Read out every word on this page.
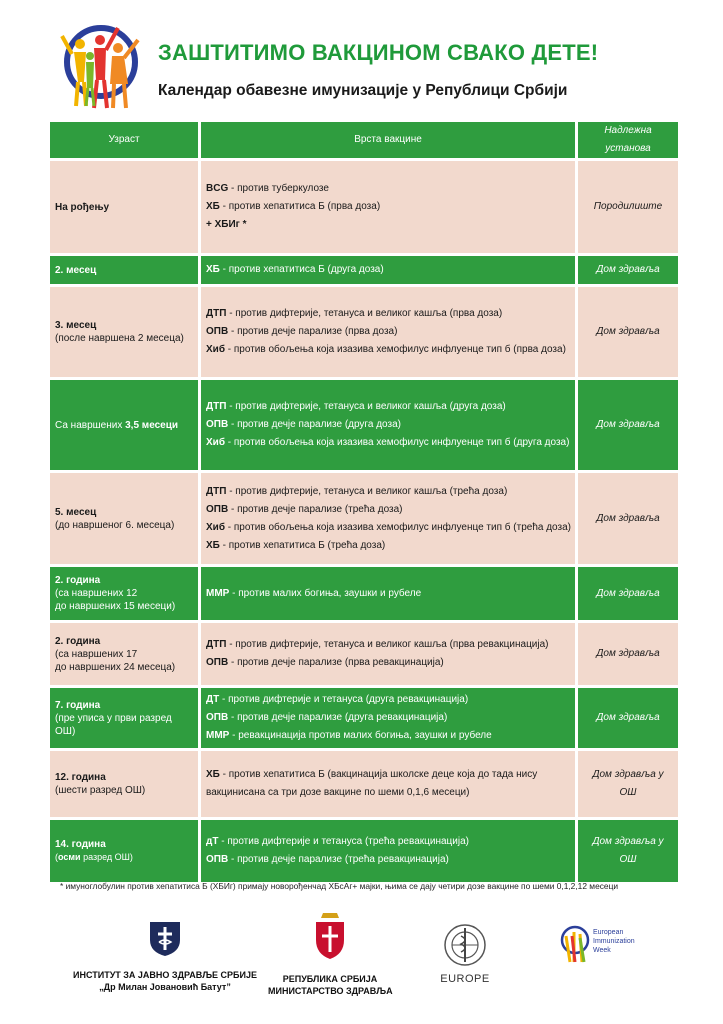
ЗАШТИТИМО ВАКЦИНОМ СВАКО ДЕТЕ!
Календар обавезне имунизације у Републици Србији
Узраст	Врста вакцине	Надлежна установа

На рођењу	BCG - против туберкулозе
ХБ - против хепатитиса Б (прва доза)
+ ХБИг *	Породилиште

2. месец	ХБ - против хепатитиса Б (друга доза)	Дом здравља

3. месец
(после навршена 2 месеца)	ДТП - против дифтерије, тетануса и великог кашља (прва доза)
ОПВ - против дечје парализе (прва доза)
Хиб - против обољења која изазива хемофилус инфлуенце тип б (прва доза)	Дом здравља

Са навршених 3,5 месеци	ДТП - против дифтерије, тетануса и великог кашља (друга доза)
ОПВ - против дечје парализе (друга доза)
Хиб - против обољења која изазива хемофилус инфлуенце тип б (друга доза)	Дом здравља

5. месец
(до навршеног 6. месеца)	ДТП - против дифтерије, тетануса и великог кашља (трећа доза)
ОПВ - против дечје парализе (трећа доза)
Хиб - против обољења која изазива хемофилус инфлуенце тип б (трећа доза)
ХБ - против хепатитиса Б (трећа доза)	Дом здравља

2. година
(са навршених 12
до навршених 15 месеци)	ММР - против малих богиња, заушки и рубеле	Дом здравља

2. година
(са навршених 17
до навршених 24 месеца)	ДТП - против дифтерије, тетануса и великог кашља (прва ревакцинација)
ОПВ - против дечје парализе (прва ревакцинација)	Дом здравља

7. година
(пре уписа у први разред ОШ)	ДТ - против дифтерије и тетануса (друга ревакцинација)
ОПВ - против дечје парализе (друга ревакцинација)
ММР - ревакцинација против малих богиња, заушки и рубеле	Дом здравља

12. година
(шести разред ОШ)	ХБ - против хепатитиса Б (вакцинација школске деце која до тада нису
вакцинисана са три дозе вакцине по шеми 0,1,6 месеци)	Дом здравља у ОШ

14. година
(осми разред ОШ)	дТ - против дифтерије и тетануса (трећа ревакцинација)
ОПВ - против дечје парализе (трећа ревакцинација)	Дом здравља у ОШ
* имуноглобулин против хепатитиса Б (ХБИг) примају новорођенчад ХБсАг+ мајки, њима се дају четири дозе вакцине по шеми 0,1,2,12 месеци
ИНСТИТУТ ЗА ЈАВНО ЗДРАВЉЕ СРБИЈЕ
„Др Милан Јовановић Батут”
РЕПУБЛИКА СРБИЈА
МИНИСТАРСТВО ЗДРАВЉА
EUROPE
European Immunization Week
